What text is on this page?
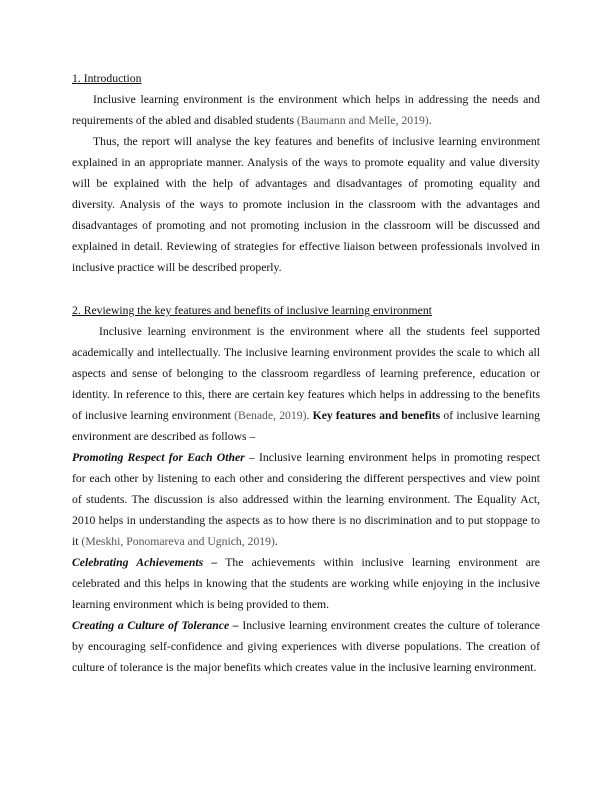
1. Introduction

Inclusive learning environment is the environment which helps in addressing the needs and requirements of the abled and disabled students (Baumann and Melle, 2019).

Thus, the report will analyse the key features and benefits of inclusive learning environment explained in an appropriate manner. Analysis of the ways to promote equality and value diversity will be explained with the help of advantages and disadvantages of promoting equality and diversity. Analysis of the ways to promote inclusion in the classroom with the advantages and disadvantages of promoting and not promoting inclusion in the classroom will be discussed and explained in detail. Reviewing of strategies for effective liaison between professionals involved in inclusive practice will be described properly.

2. Reviewing the key features and benefits of inclusive learning environment

Inclusive learning environment is the environment where all the students feel supported academically and intellectually. The inclusive learning environment provides the scale to which all aspects and sense of belonging to the classroom regardless of learning preference, education or identity. In reference to this, there are certain key features which helps in addressing to the benefits of inclusive learning environment (Benade, 2019). Key features and benefits of inclusive learning environment are described as follows –

Promoting Respect for Each Other – Inclusive learning environment helps in promoting respect for each other by listening to each other and considering the different perspectives and view point of students. The discussion is also addressed within the learning environment. The Equality Act, 2010 helps in understanding the aspects as to how there is no discrimination and to put stoppage to it (Meskhi, Ponomareva and Ugnich, 2019).

Celebrating Achievements – The achievements within inclusive learning environment are celebrated and this helps in knowing that the students are working while enjoying in the inclusive learning environment which is being provided to them.

Creating a Culture of Tolerance – Inclusive learning environment creates the culture of tolerance by encouraging self-confidence and giving experiences with diverse populations. The creation of culture of tolerance is the major benefits which creates value in the inclusive learning environment.
